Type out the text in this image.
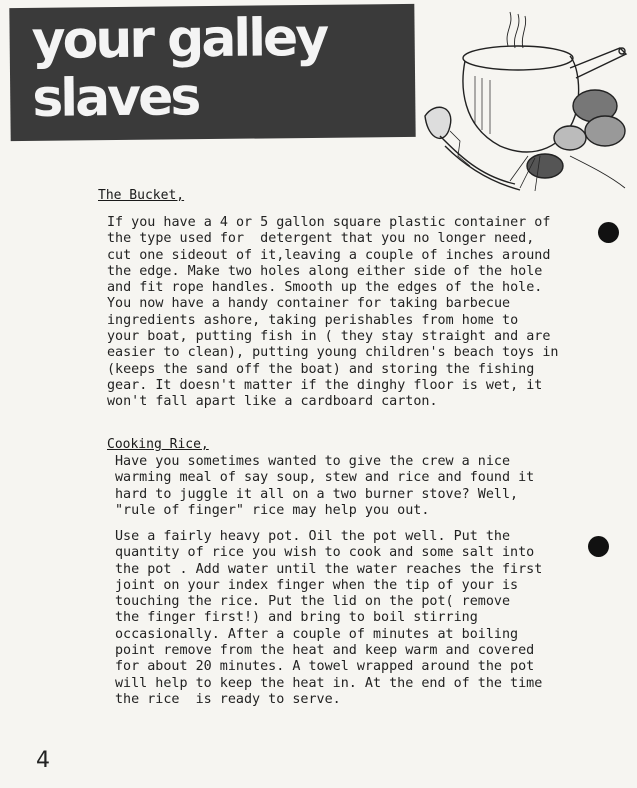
your galley
slaves
The Bucket,
If you have a 4 or 5 gallon square plastic container of
the type used for  detergent that you no longer need,
cut one sideout of it,leaving a couple of inches around
the edge. Make two holes along either side of the hole
and fit rope handles. Smooth up the edges of the hole.
You now have a handy container for taking barbecue
ingredients ashore, taking perishables from home to
your boat, putting fish in ( they stay straight and are
easier to clean), putting young children's beach toys in
(keeps the sand off the boat) and storing the fishing
gear. It doesn't matter if the dinghy floor is wet, it
won't fall apart like a cardboard carton.
Cooking Rice,
Have you sometimes wanted to give the crew a nice
warming meal of say soup, stew and rice and found it
hard to juggle it all on a two burner stove? Well,
"rule of finger" rice may help you out.
Use a fairly heavy pot. Oil the pot well. Put the
quantity of rice you wish to cook and some salt into
the pot . Add water until the water reaches the first
joint on your index finger when the tip of your is
touching the rice. Put the lid on the pot( remove
the finger first!) and bring to boil stirring
occasionally. After a couple of minutes at boiling
point remove from the heat and keep warm and covered
for about 20 minutes. A towel wrapped around the pot
will help to keep the heat in. At the end of the time
the rice  is ready to serve.
4
